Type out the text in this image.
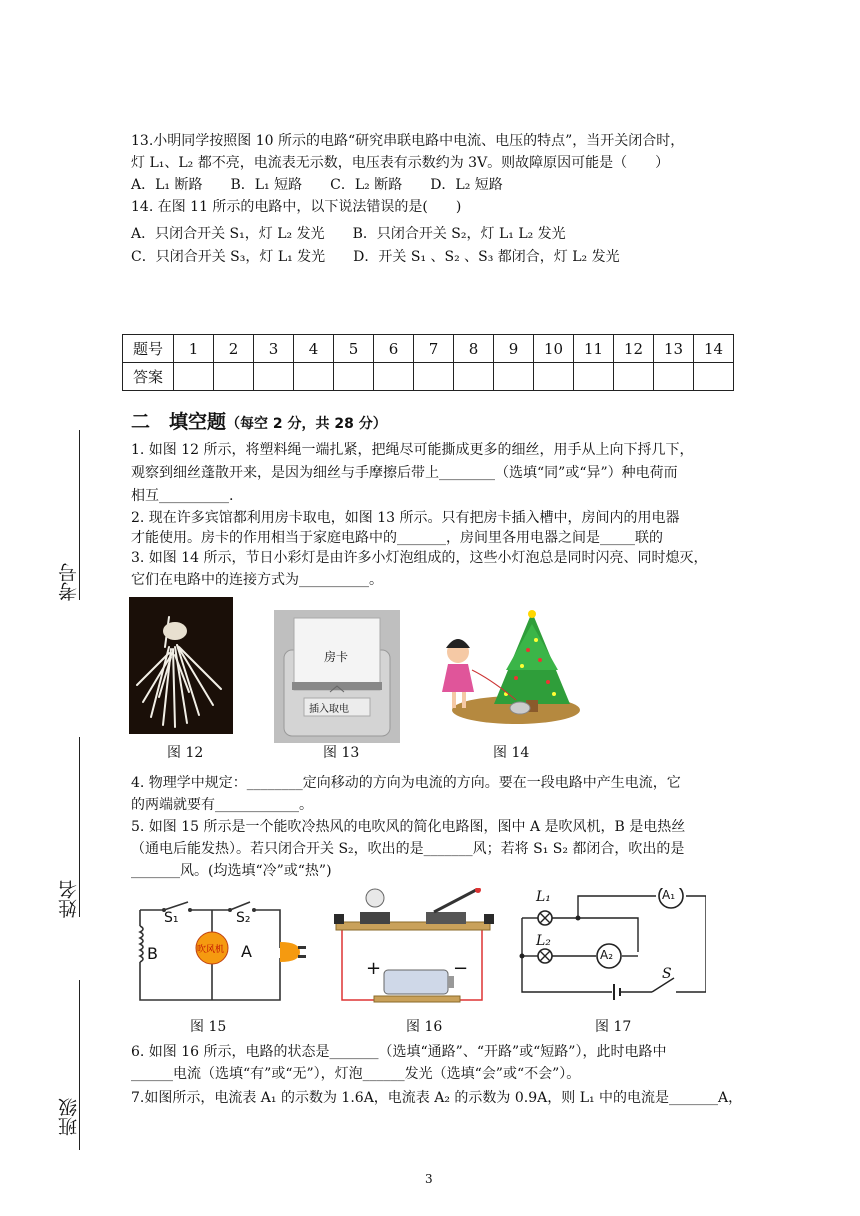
考号
姓名
班级
13.小明同学按照图 10 所示的电路“研究串联电路中电流、电压的特点”，当开关闭合时，
灯 L₁、L₂ 都不亮，电流表无示数，电压表有示数约为 3V。则故障原因可能是（　　）
A．L₁ 断路　　B．L₁ 短路　　C．L₂ 断路　　D．L₂ 短路
14. 在图 11 所示的电路中，以下说法错误的是(　　)
A．只闭合开关 S₁，灯 L₂ 发光　　B．只闭合开关 S₂，灯 L₁ L₂ 发光
C．只闭合开关 S₃，灯 L₁ 发光　　D．开关 S₁ 、S₂ 、S₃ 都闭合，灯 L₂ 发光
题号	1	2	3	4	5	6	7	8	9	10	11	12	13	14
答案														
二　填空题（每空 2 分，共 28 分）
1. 如图 12 所示，将塑料绳一端扎紧，把绳尽可能撕成更多的细丝，用手从上向下捋几下，
观察到细丝蓬散开来，是因为细丝与手摩擦后带上________（选填“同”或“异”）种电荷而
相互__________.
2. 现在许多宾馆都利用房卡取电，如图 13 所示。只有把房卡插入槽中，房间内的用电器
才能使用。房卡的作用相当于家庭电路中的_______，房间里各用电器之间是_____联的
3. 如图 14 所示，节日小彩灯是由许多小灯泡组成的，这些小灯泡总是同时闪亮、同时熄灭，
它们在电路中的连接方式为__________。
房卡
插入取电
图 12	图 13	图 14
4. 物理学中规定：________定向移动的方向为电流的方向。要在一段电路中产生电流，它
的两端就要有____________。
5. 如图 15 所示是一个能吹冷热风的电吹风的简化电路图，图中 A 是吹风机，B 是电热丝
（通电后能发热）。若只闭合开关 S₂，吹出的是_______风；若将 S₁ S₂ 都闭合，吹出的是
_______风。(均选填“冷”或“热”)
S₁	S₂
B	A
吹风机
图 15
+	−
图 16
L₁
L₂
A₁
A₂
S
图 17
6. 如图 16 所示，电路的状态是_______（选填“通路”、“开路”或“短路”），此时电路中
______电流（选填“有”或“无”），灯泡______发光（选填“会”或“不会”）。
7.如图所示，电流表 A₁ 的示数为 1.6A，电流表 A₂ 的示数为 0.9A，则 L₁ 中的电流是_______A，
3
